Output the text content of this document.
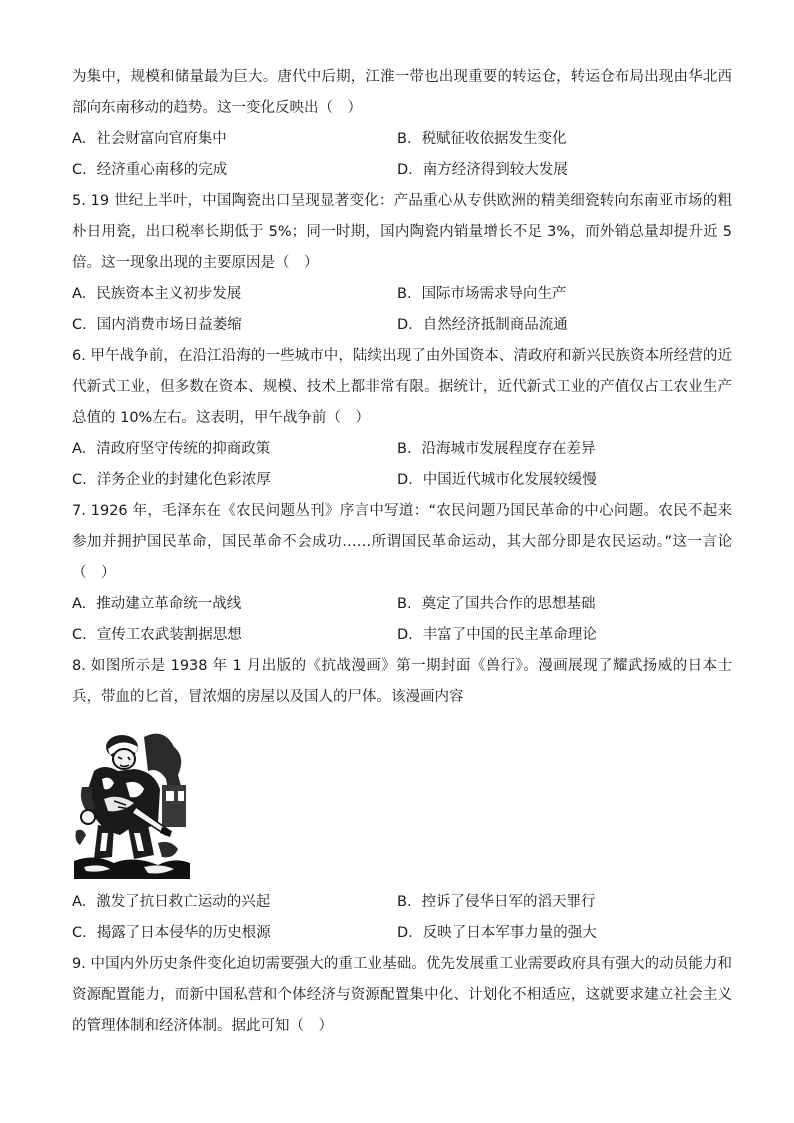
为集中，规模和储量最为巨大。唐代中后期，江淮一带也出现重要的转运仓，转运仓布局出现由华北西部向东南移动的趋势。这一变化反映出（　）

A. 社会财富向官府集中	B. 税赋征收依据发生变化
C. 经济重心南移的完成	D. 南方经济得到较大发展

5. 19 世纪上半叶，中国陶瓷出口呈现显著变化：产品重心从专供欧洲的精美细瓷转向东南亚市场的粗朴日用瓷，出口税率长期低于 5%；同一时期，国内陶瓷内销量增长不足 3%，而外销总量却提升近 5 倍。这一现象出现的主要原因是（　）

A. 民族资本主义初步发展	B. 国际市场需求导向生产
C. 国内消费市场日益萎缩	D. 自然经济抵制商品流通

6. 甲午战争前，在沿江沿海的一些城市中，陆续出现了由外国资本、清政府和新兴民族资本所经营的近代新式工业，但多数在资本、规模、技术上都非常有限。据统计，近代新式工业的产值仅占工农业生产总值的 10%左右。这表明，甲午战争前（　）

A. 清政府坚守传统的抑商政策	B. 沿海城市发展程度存在差异
C. 洋务企业的封建化色彩浓厚	D. 中国近代城市化发展较缓慢

7. 1926 年，毛泽东在《农民问题丛刊》序言中写道：“农民问题乃国民革命的中心问题。农民不起来参加并拥护国民革命，国民革命不会成功……所谓国民革命运动，其大部分即是农民运动。”这一言论（　）

A. 推动建立革命统一战线	B. 奠定了国共合作的思想基础
C. 宣传工农武装割据思想	D. 丰富了中国的民主革命理论

8. 如图所示是 1938 年 1 月出版的《抗战漫画》第一期封面《兽行》。漫画展现了耀武扬威的日本士兵，带血的匕首，冒浓烟的房屋以及国人的尸体。该漫画内容

A. 激发了抗日救亡运动的兴起	B. 控诉了侵华日军的滔天罪行
C. 揭露了日本侵华的历史根源	D. 反映了日本军事力量的强大

9. 中国内外历史条件变化迫切需要强大的重工业基础。优先发展重工业需要政府具有强大的动员能力和资源配置能力，而新中国私营和个体经济与资源配置集中化、计划化不相适应，这就要求建立社会主义的管理体制和经济体制。据此可知（　）
